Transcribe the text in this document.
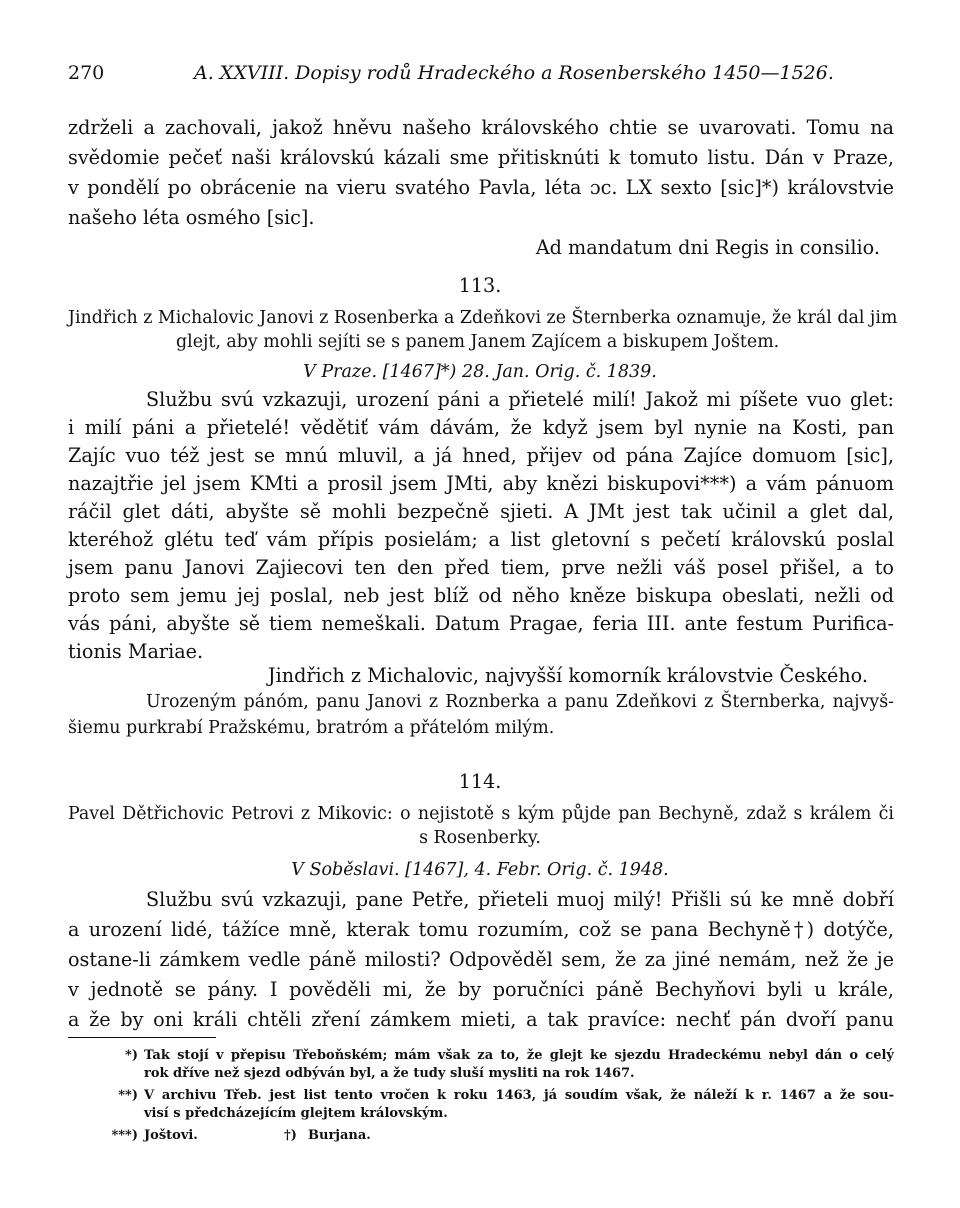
270	A. XXVIII. Dopisy rodů Hradeckého a Rosenberského 1450—1526.
zdrželi a zachovali, jakož hněvu našeho královského chtie se uvarovati. Tomu na
svědomie pečeť naši královskú kázali sme přitisknúti k tomuto listu. Dán v Praze,
v pondělí po obrácenie na vieru svatého Pavla, léta ɔc. LX sexto [sic]*) královstvie
našeho léta osmého [sic].
Ad mandatum dni Regis in consilio.
113.
Jindřich z Michalovic Janovi z Rosenberka a Zdeňkovi ze Šternberka oznamuje, že král dal jim
glejt, aby mohli sejíti se s panem Janem Zajícem a biskupem Joštem.
V Praze. [1467]*) 28. Jan. Orig. č. 1839.
Službu svú vzkazuji, urození páni a přietelé milí! Jakož mi píšete vuo glet:
i milí páni a přietelé! vědětiť vám dávám, že když jsem byl nynie na Kosti, pan
Zajíc vuo též jest se mnú mluvil, a já hned, přijev od pána Zajíce domuom [sic],
nazajtřie jel jsem KMti a prosil jsem JMti, aby knězi biskupovi***) a vám pánuom
ráčil glet dáti, abyšte sě mohli bezpečně sjieti. A JMt jest tak učinil a glet dal,
kteréhož glétu teď vám přípis posielám; a list gletovní s pečetí královskú poslal
jsem panu Janovi Zajiecovi ten den před tiem, prve nežli váš posel přišel, a to
proto sem jemu jej poslal, neb jest blíž od něho kněze biskupa obeslati, nežli od
vás páni, abyšte sě tiem nemeškali. Datum Pragae, feria III. ante festum Purifica-
tionis Mariae.
Jindřich z Michalovic, najvyšší komorník královstvie Českého.
Urozeným pánóm, panu Janovi z Roznberka a panu Zdeňkovi z Šternberka, najvyš-
šiemu purkrabí Pražskému, bratróm a přátelóm milým.
114.
Pavel Dětřichovic Petrovi z Mikovic: o nejistotě s kým půjde pan Bechyně, zdaž s králem či
s Rosenberky.
V Soběslavi. [1467], 4. Febr. Orig. č. 1948.
Službu svú vzkazuji, pane Petře, přieteli muoj milý! Přišli sú ke mně dobří
a urození lidé, tážíce mně, kterak tomu rozumím, což se pana Bechyně†) dotýče,
ostane-li zámkem vedle páně milosti? Odpověděl sem, že za jiné nemám, než že je
v jednotě se pány. I pověděli mi, že by poručníci páně Bechyňovi byli u krále,
*) Tak stojí v přepisu Třeboňském; mám však za to, že glejt ke sjezdu Hradeckému nebyl dán o celý
rok dříve než sjezd odbýván byl, a že tudy sluší mysliti na rok 1467.
**) V archivu Třeb. jest list tento vročen k roku 1463, já soudím však, že náleží k r. 1467 a že sou-
visí s předcházejícím glejtem královským.
***) Joštovi.	†) Burjana.
a že by oni králi chtěli zření zámkem mieti, a tak pravíce: nechť pán dvoří panu
